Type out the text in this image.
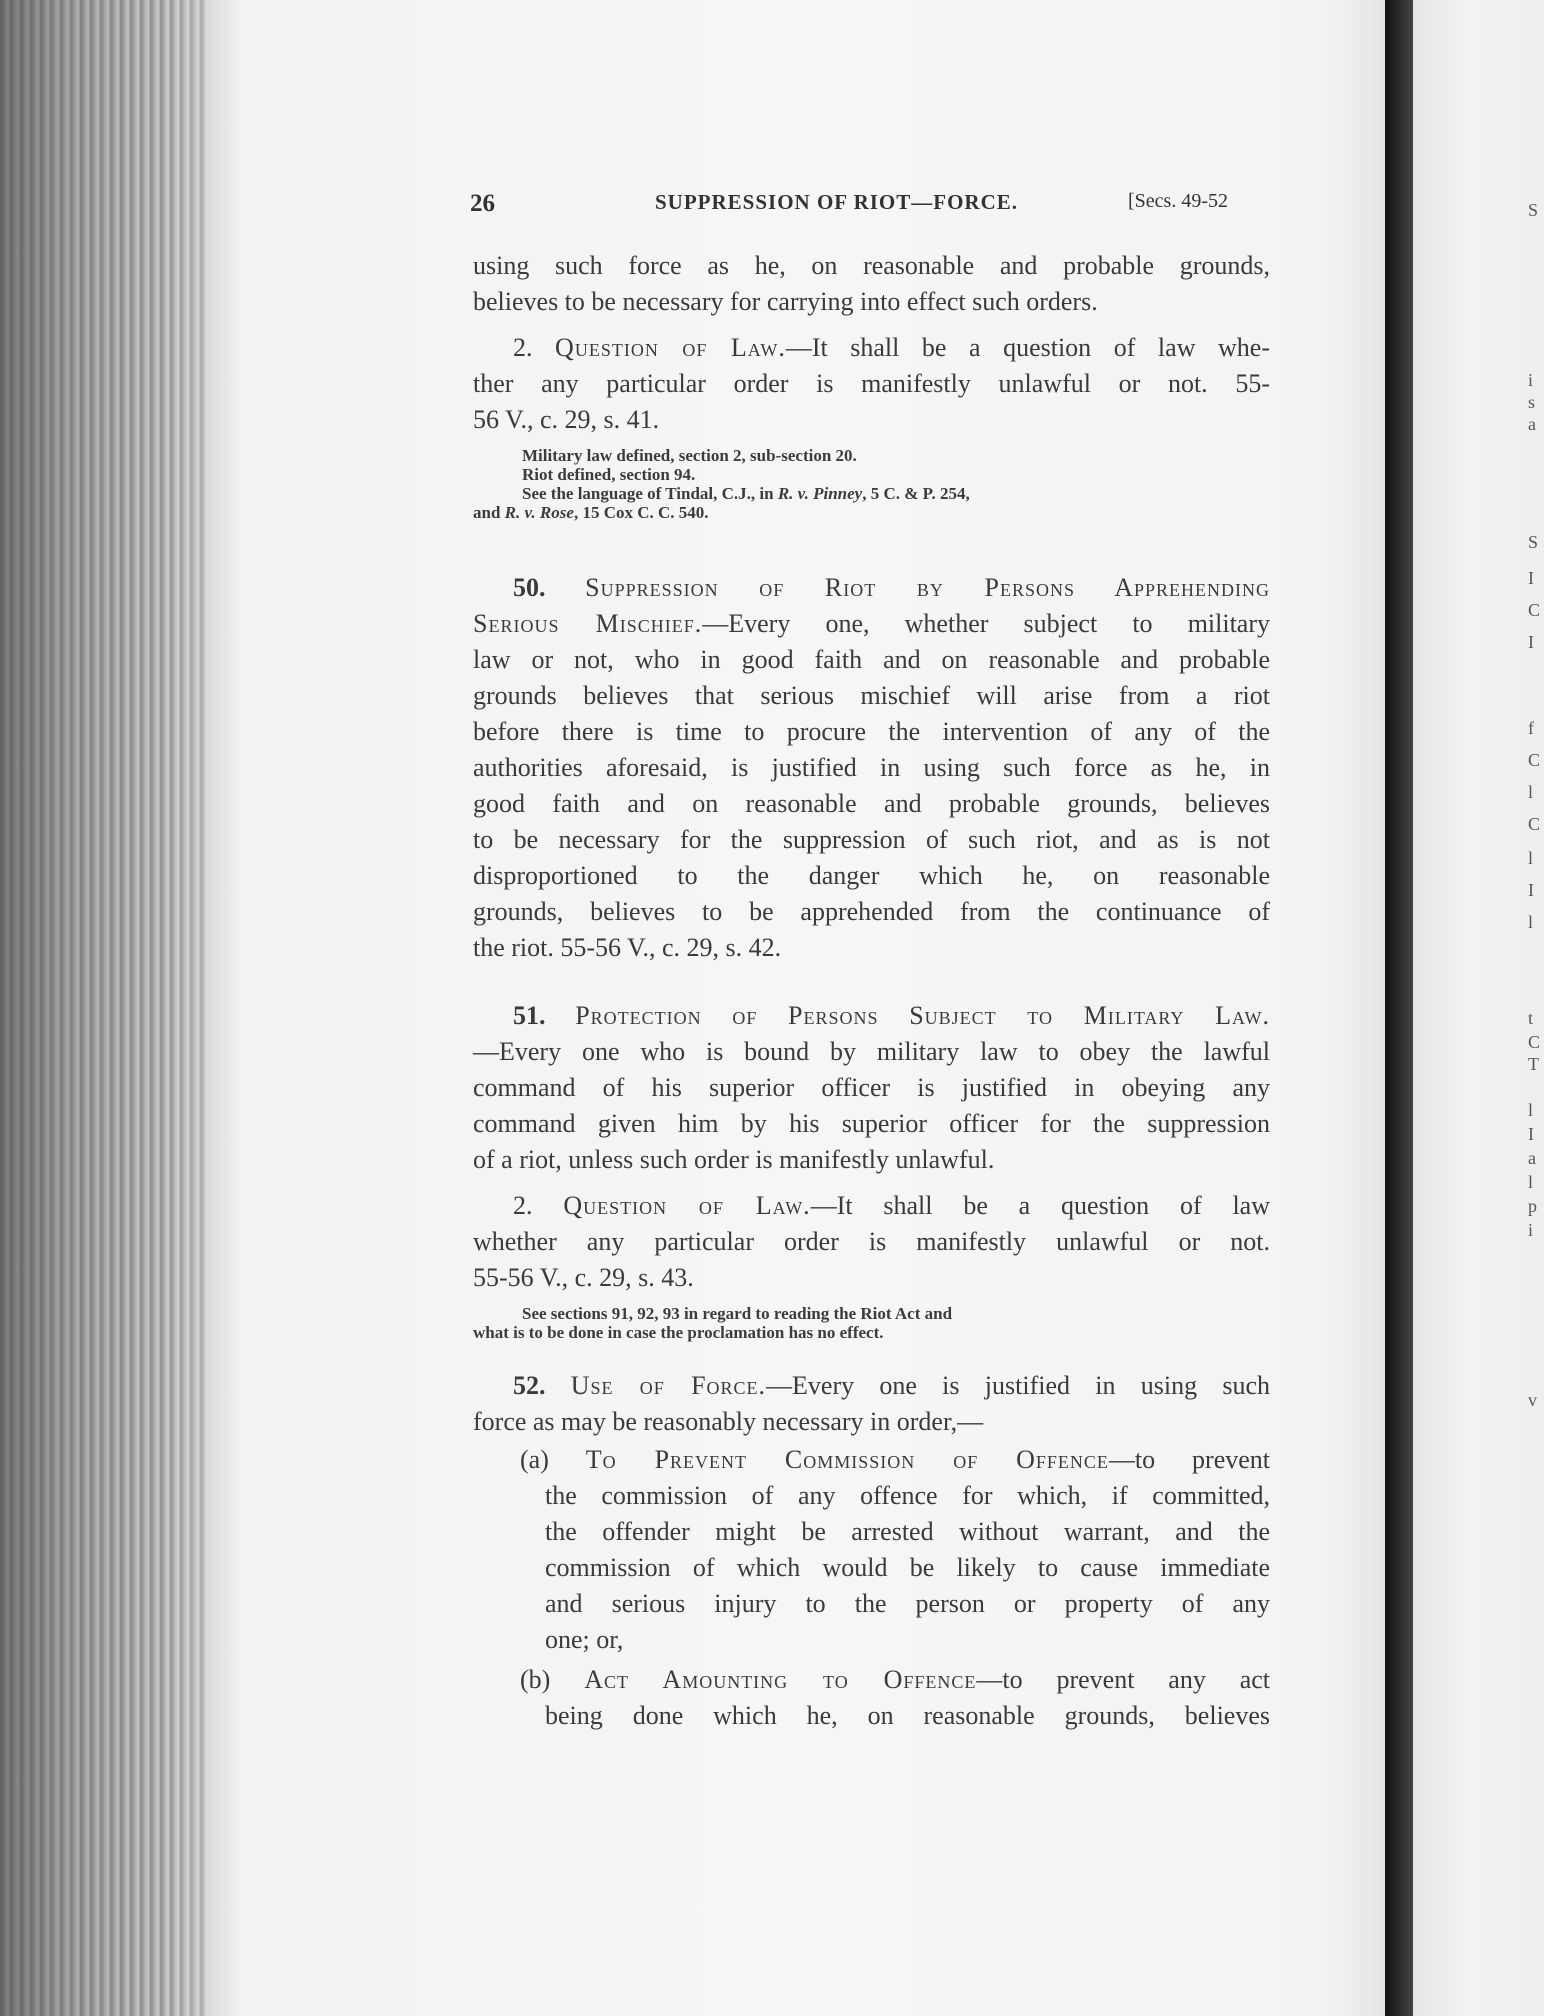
S
i
s
a
S
I
C
I
f
C
l
C
l
I
l
t
C
T
l
I
a
l
p
i
v
26	SUPPRESSION OF RIOT—FORCE.	[Secs. 49-52
using such force as he, on reasonable and probable grounds,
believes to be necessary for carrying into effect such orders.
2. Question of Law.—It shall be a question of law whe-
ther any particular order is manifestly unlawful or not. 55-
56 V., c. 29, s. 41.
Military law defined, section 2, sub-section 20.
Riot defined, section 94.
See the language of Tindal, C.J., in R. v. Pinney, 5 C. & P. 254,
and R. v. Rose, 15 Cox C. C. 540.
50. Suppression of Riot by Persons Apprehending
Serious Mischief.—Every one, whether subject to military
law or not, who in good faith and on reasonable and probable
grounds believes that serious mischief will arise from a riot
before there is time to procure the intervention of any of the
authorities aforesaid, is justified in using such force as he, in
good faith and on reasonable and probable grounds, believes
to be necessary for the suppression of such riot, and as is not
disproportioned to the danger which he, on reasonable
grounds, believes to be apprehended from the continuance of
the riot. 55-56 V., c. 29, s. 42.
51. Protection of Persons Subject to Military Law.
—Every one who is bound by military law to obey the lawful
command of his superior officer is justified in obeying any
command given him by his superior officer for the suppression
of a riot, unless such order is manifestly unlawful.
2. Question of Law.—It shall be a question of law
whether any particular order is manifestly unlawful or not.
55-56 V., c. 29, s. 43.
See sections 91, 92, 93 in regard to reading the Riot Act and
what is to be done in case the proclamation has no effect.
52. Use of Force.—Every one is justified in using such
force as may be reasonably necessary in order,—
(a) To Prevent Commission of Offence—to prevent
the commission of any offence for which, if committed,
the offender might be arrested without warrant, and the
commission of which would be likely to cause immediate
and serious injury to the person or property of any
one; or,
(b) Act Amounting to Offence—to prevent any act
being done which he, on reasonable grounds, believes
